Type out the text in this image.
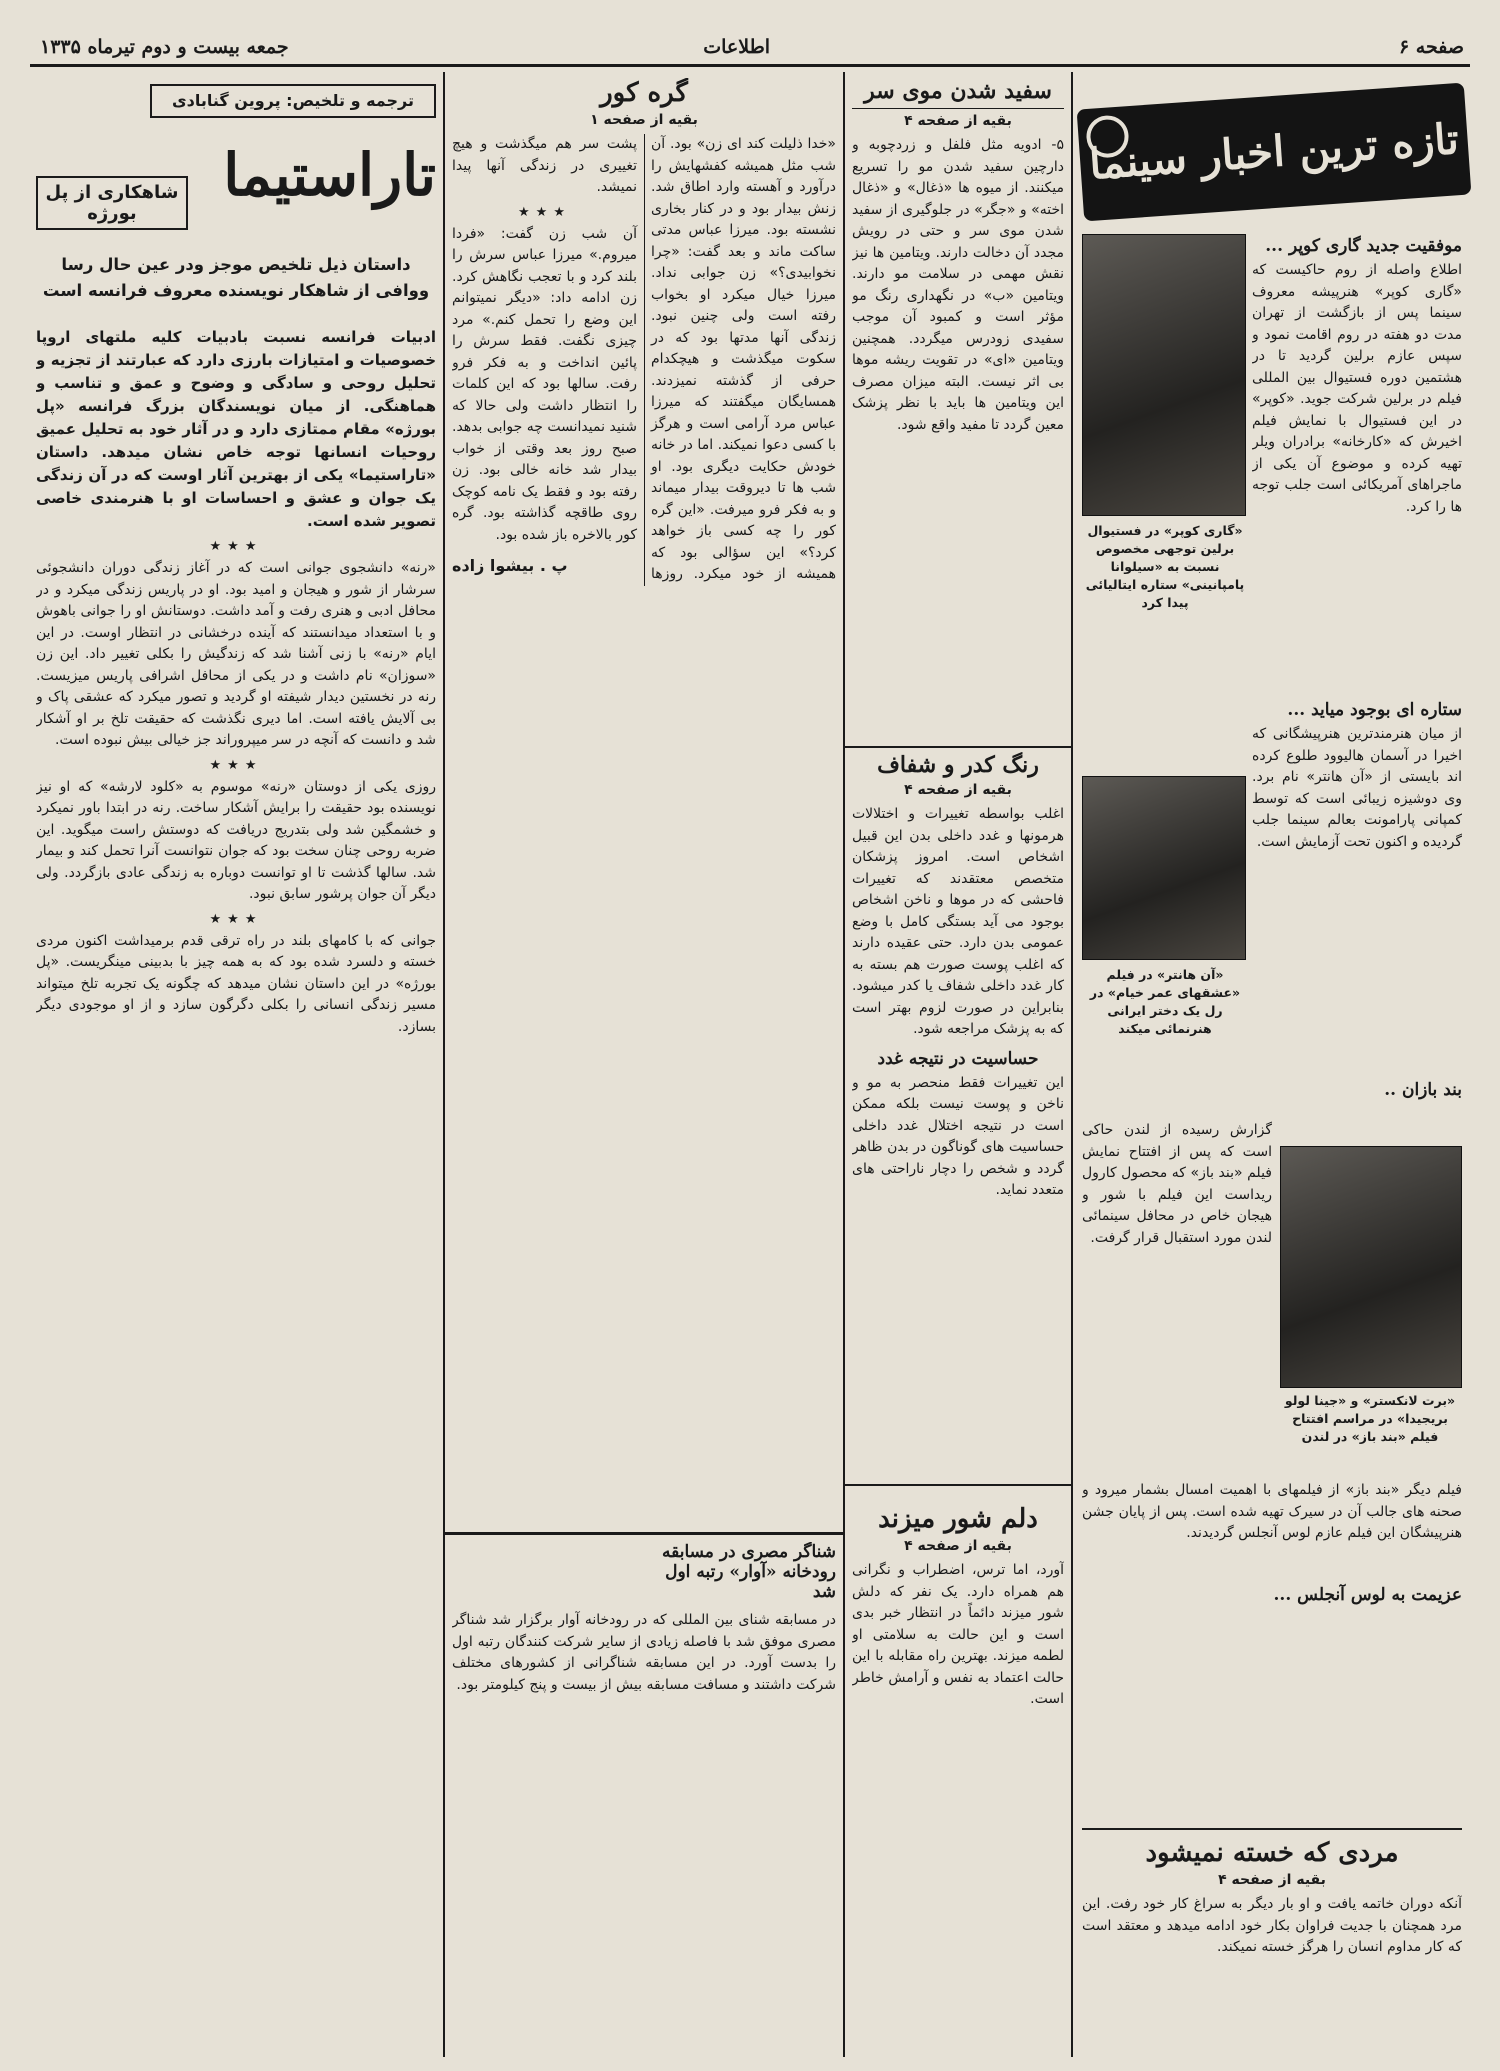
صفحه ۶
اطلاعات
جمعه بیست و دوم تیرماه ۱۳۳۵
تازه ترین اخبار سینما
موفقیت جدید گاری کوپر ...

اطلاع واصله از روم حاکیست که «گاری کوپر» هنرپیشه معروف سینما پس از بازگشت از تهران مدت دو هفته در روم اقامت نمود و سپس عازم برلین گردید تا در هشتمین دوره فستیوال بین المللی فیلم در برلین شرکت جوید. «کوپر» در این فستیوال با نمایش فیلم اخیرش که «کارخانه» برادران ویلر تهیه کرده و موضوع آن یکی از ماجراهای آمریکائی است جلب توجه ها را کرد.

«گاری کوپر» در فستیوال برلین توجهی مخصوص نسبت به «سیلوانا پامپانینی» ستاره ایتالیائی پیدا کرد
ستاره ای بوجود میاید ...

از میان هنرمندترین هنرپیشگانی که اخیرا در آسمان هالیوود طلوع کرده اند بایستی از «آن هانتر» نام برد. وی دوشیزه زیبائی است که توسط کمپانی پارامونت بعالم سینما جلب گردیده و اکنون تحت آزمایش است.

«آن هانتر» در فیلم «عشقهای عمر خیام» در رل یک دختر ایرانی هنرنمائی میکند
بند بازان ..

گزارش رسیده از لندن حاکی است که پس از افتتاح نمایش فیلم «بند باز» که محصول کارول ریداست این فیلم با شور و هیجان خاص در محافل سینمائی لندن مورد استقبال قرار گرفت.

«برت لانکستر» و «جینا لولو بریجیدا» در مراسم افتتاح فیلم «بند باز» در لندن

فیلم دیگر «بند باز» از فیلمهای با اهمیت امسال بشمار میرود و صحنه های جالب آن در سیرک تهیه شده است. پس از پایان جشن هنرپیشگان این فیلم عازم لوس آنجلس گردیدند.

عزیمت به لوس آنجلس ...
مردی که خسته نمیشود
بقیه از صفحه ۴

آنکه دوران خاتمه یافت و او بار دیگر به سراغ کار خود رفت. این مرد همچنان با جدیت فراوان بکار خود ادامه میدهد و معتقد است که کار مداوم انسان را هرگز خسته نمیکند.

سفید شدن موی سر
بقیه از صفحه ۴

۵- ادویه مثل فلفل و زردچوبه و دارچین سفید شدن مو را تسریع میکنند. از میوه ها «ذغال» و «ذغال اخته» و «جگر» در جلوگیری از سفید شدن موی سر و حتی در رویش مجدد آن دخالت دارند. ویتامین ها نیز نقش مهمی در سلامت مو دارند. ویتامین «ب» در نگهداری رنگ مو مؤثر است و کمبود آن موجب سفیدی زودرس میگردد. همچنین ویتامین «ای» در تقویت ریشه موها بی اثر نیست. البته میزان مصرف این ویتامین ها باید با نظر پزشک معین گردد تا مفید واقع شود.

رنگ کدر و شفاف
بقیه از صفحه ۴

اغلب بواسطه تغییرات و اختلالات هرمونها و غدد داخلی بدن این قبیل اشخاص است. امروز پزشکان متخصص معتقدند که تغییرات فاحشی که در موها و ناخن اشخاص بوجود می آید بستگی کامل با وضع عمومی بدن دارد. حتی عقیده دارند که اغلب پوست صورت هم بسته به کار غدد داخلی شفاف یا کدر میشود. بنابراین در صورت لزوم بهتر است که به پزشک مراجعه شود.

حساسیت در نتیجه غدد

این تغییرات فقط منحصر به مو و ناخن و پوست نیست بلکه ممکن است در نتیجه اختلال غدد داخلی حساسیت های گوناگون در بدن ظاهر گردد و شخص را دچار ناراحتی های متعدد نماید.

دلم شور میزند
بقیه از صفحه ۴

آورد، اما ترس، اضطراب و نگرانی هم همراه دارد. یک نفر که دلش شور میزند دائماً در انتظار خبر بدی است و این حالت به سلامتی او لطمه میزند. بهترین راه مقابله با این حالت اعتماد به نفس و آرامش خاطر است.

گره کور
بقیه از صفحه ۱

«خدا ذلیلت کند ای زن» بود. آن شب مثل همیشه کفشهایش را درآورد و آهسته وارد اطاق شد. زنش بیدار بود و در کنار بخاری نشسته بود. میرزا عباس مدتی ساکت ماند و بعد گفت: «چرا نخوابیدی؟» زن جوابی نداد. میرزا خیال میکرد او بخواب رفته است ولی چنین نبود. زندگی آنها مدتها بود که در سکوت میگذشت و هیچکدام حرفی از گذشته نمیزدند. همسایگان میگفتند که میرزا عباس مرد آرامی است و هرگز با کسی دعوا نمیکند. اما در خانه خودش حکایت دیگری بود. او شب ها تا دیروقت بیدار میماند و به فکر فرو میرفت. «این گره کور را چه کسی باز خواهد کرد؟» این سؤالی بود که همیشه از خود میکرد. روزها پشت سر هم میگذشت و هیچ تغییری در زندگی آنها پیدا نمیشد.

★★★

آن شب زن گفت: «فردا میروم.» میرزا عباس سرش را بلند کرد و با تعجب نگاهش کرد. زن ادامه داد: «دیگر نمیتوانم این وضع را تحمل کنم.» مرد چیزی نگفت. فقط سرش را پائین انداخت و به فکر فرو رفت. سالها بود که این کلمات را انتظار داشت ولی حالا که شنید نمیدانست چه جوابی بدهد. صبح روز بعد وقتی از خواب بیدار شد خانه خالی بود. زن رفته بود و فقط یک نامه کوچک روی طاقچه گذاشته بود. گره کور بالاخره باز شده بود.

پ . بیشوا زاده
شناگر مصری در مسابقه رودخانه «آوار» رتبه اول شد

در مسابقه شنای بین المللی که در رودخانه آوار برگزار شد شناگر مصری موفق شد با فاصله زیادی از سایر شرکت کنندگان رتبه اول را بدست آورد. در این مسابقه شناگرانی از کشورهای مختلف شرکت داشتند و مسافت مسابقه بیش از بیست و پنج کیلومتر بود.

ترجمه و تلخیص: پروین گنابادی
تاراستیما
شاهکاری از پل بورژه

داستان ذیل تلخیص موجز ودر عین حال رسا ووافی از شاهکار نویسنده معروف فرانسه است

ادبیات فرانسه نسبت بادبیات کلیه ملتهای اروپا خصوصیات و امتیازات بارزی دارد که عبارتند از تجزیه و تحلیل روحی و سادگی و وضوح و عمق و تناسب و هماهنگی. از میان نویسندگان بزرگ فرانسه «پل بورژه» مقام ممتازی دارد و در آثار خود به تحلیل عمیق روحیات انسانها توجه خاص نشان میدهد. داستان «تاراستیما» یکی از بهترین آثار اوست که در آن زندگی یک جوان و عشق و احساسات او با هنرمندی خاصی تصویر شده است.

★★★

«رنه» دانشجوی جوانی است که در آغاز زندگی دوران دانشجوئی سرشار از شور و هیجان و امید بود. او در پاریس زندگی میکرد و در محافل ادبی و هنری رفت و آمد داشت. دوستانش او را جوانی باهوش و با استعداد میدانستند که آینده درخشانی در انتظار اوست. در این ایام «رنه» با زنی آشنا شد که زندگیش را بکلی تغییر داد. این زن «سوزان» نام داشت و در یکی از محافل اشرافی پاریس میزیست. رنه در نخستین دیدار شیفته او گردید و تصور میکرد که عشقی پاک و بی آلایش یافته است. اما دیری نگذشت که حقیقت تلخ بر او آشکار شد و دانست که آنچه در سر میپروراند جز خیالی بیش نبوده است.

★★★

روزی یکی از دوستان «رنه» موسوم به «کلود لارشه» که او نیز نویسنده بود حقیقت را برایش آشکار ساخت. رنه در ابتدا باور نمیکرد و خشمگین شد ولی بتدریج دریافت که دوستش راست میگوید. این ضربه روحی چنان سخت بود که جوان نتوانست آنرا تحمل کند و بیمار شد. سالها گذشت تا او توانست دوباره به زندگی عادی بازگردد. ولی دیگر آن جوان پرشور سابق نبود.

★★★

جوانی که با کامهای بلند در راه ترقی قدم برمیداشت اکنون مردی خسته و دلسرد شده بود که به همه چیز با بدبینی مینگریست. «پل بورژه» در این داستان نشان میدهد که چگونه یک تجربه تلخ میتواند مسیر زندگی انسانی را بکلی دگرگون سازد و از او موجودی دیگر بسازد.
